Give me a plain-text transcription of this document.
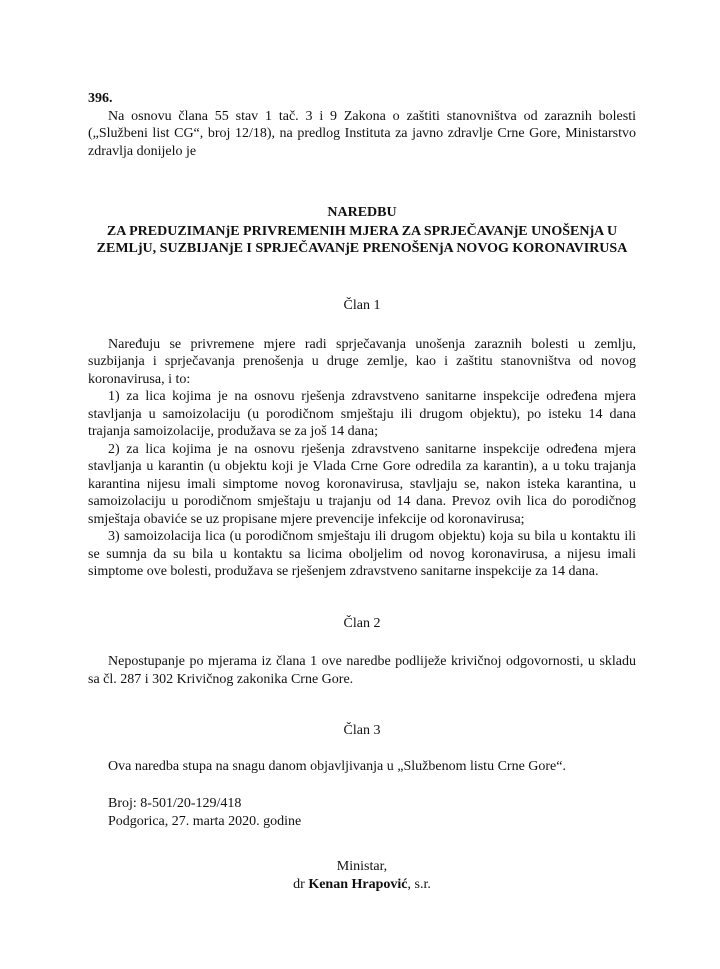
396.

Na osnovu člana 55 stav 1 tač. 3 i 9 Zakona o zaštiti stanovništva od zaraznih bolesti („Službeni list CG“, broj 12/18), na predlog Instituta za javno zdravlje Crne Gore, Ministarstvo zdravlja donijelo je

NAREDBU

ZA PREDUZIMANjE PRIVREMENIH MJERA ZA SPRJEČAVANjE UNOŠENjA U ZEMLjU, SUZBIJANjE I SPRJEČAVANjE PRENOŠENjA NOVOG KORONAVIRUSA

Član 1

Naređuju se privremene mjere radi sprječavanja unošenja zaraznih bolesti u zemlju, suzbijanja i sprječavanja prenošenja u druge zemlje, kao i zaštitu stanovništva od novog koronavirusa, i to:

1) za lica kojima je na osnovu rješenja zdravstveno sanitarne inspekcije određena mjera stavljanja u samoizolaciju (u porodičnom smještaju ili drugom objektu), po isteku 14 dana trajanja samoizolacije, produžava se za još 14 dana;

2) za lica kojima je na osnovu rješenja zdravstveno sanitarne inspekcije određena mjera stavljanja u karantin (u objektu koji je Vlada Crne Gore odredila za karantin), a u toku trajanja karantina nijesu imali simptome novog koronavirusa, stavljaju se, nakon isteka karantina, u samoizolaciju u porodičnom smještaju u trajanju od 14 dana. Prevoz ovih lica do porodičnog smještaja obaviće se uz propisane mjere prevencije infekcije od koronavirusa;

3) samoizolacija lica (u porodičnom smještaju ili drugom objektu) koja su bila u kontaktu ili se sumnja da su bila u kontaktu sa licima oboljelim od novog koronavirusa, a nijesu imali simptome ove bolesti, produžava se rješenjem zdravstveno sanitarne inspekcije za 14 dana.

Član 2

Nepostupanje po mjerama iz člana 1 ove naredbe podliježe krivičnoj odgovornosti, u skladu sa čl. 287 i 302 Krivičnog zakonika Crne Gore.

Član 3

Ova naredba stupa na snagu danom objavljivanja u „Službenom listu Crne Gore“.

Broj: 8-501/20-129/418

Podgorica, 27. marta 2020. godine

Ministar,

dr Kenan Hrapović, s.r.
